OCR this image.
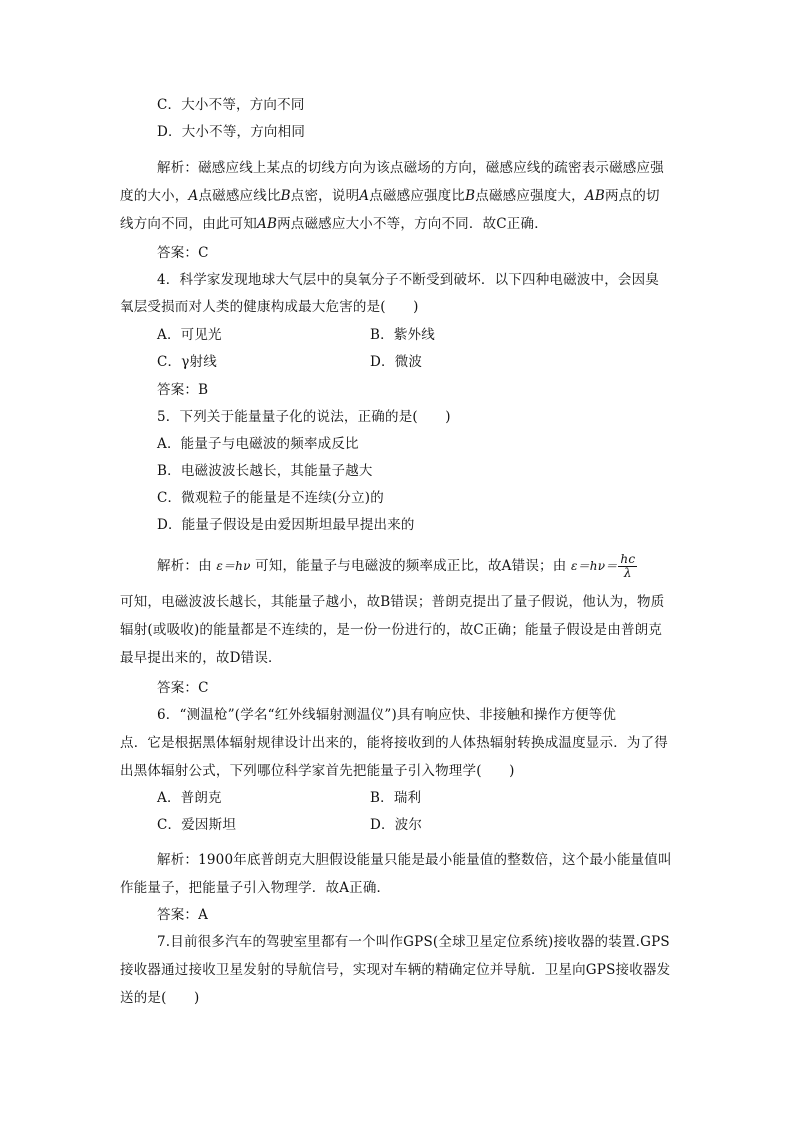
C．大小不等，方向不同
D．大小不等，方向相同
解析：磁感应线上某点的切线方向为该点磁场的方向，磁感应线的疏密表示磁感应强
度的大小，A点磁感应线比B点密，说明A点磁感应强度比B点磁感应强度大，AB两点的切
线方向不同，由此可知AB两点磁感应大小不等，方向不同．故C正确．
答案：C
4．科学家发现地球大气层中的臭氧分子不断受到破坏．以下四种电磁波中，会因臭
氧层受损而对人类的健康构成最大危害的是(　　)
A．可见光	B．紫外线
C．γ射线	D．微波
答案：B
5．下列关于能量量子化的说法，正确的是(　　)
A．能量子与电磁波的频率成反比
B．电磁波波长越长，其能量子越大
C．微观粒子的能量是不连续(分立)的
D．能量子假设是由爱因斯坦最早提出来的
解析：由 ε＝hν 可知，能量子与电磁波的频率成正比，故A错误；由 $\varepsilon=h\nu= \frac{hc}{\lambda}$
可知，电磁波波长越长，其能量子越小，故B错误；普朗克提出了量子假说，他认为，物质
辐射(或吸收)的能量都是不连续的，是一份一份进行的，故C正确；能量子假设是由普朗克
最早提出来的，故D错误．
答案：C
6．“测温枪”(学名“红外线辐射测温仪”)具有响应快、非接触和操作方便等优
点．它是根据黑体辐射规律设计出来的，能将接收到的人体热辐射转换成温度显示．为了得
出黑体辐射公式，下列哪位科学家首先把能量子引入物理学(　　)
A．普朗克	B．瑞利
C．爱因斯坦	D．波尔
解析：1900年底普朗克大胆假设能量只能是最小能量值的整数倍，这个最小能量值叫
作能量子，把能量子引入物理学．故A正确．
答案：A
7.目前很多汽车的驾驶室里都有一个叫作GPS(全球卫星定位系统)接收器的装置.GPS
接收器通过接收卫星发射的导航信号，实现对车辆的精确定位并导航．卫星向GPS接收器发
送的是(　　)
